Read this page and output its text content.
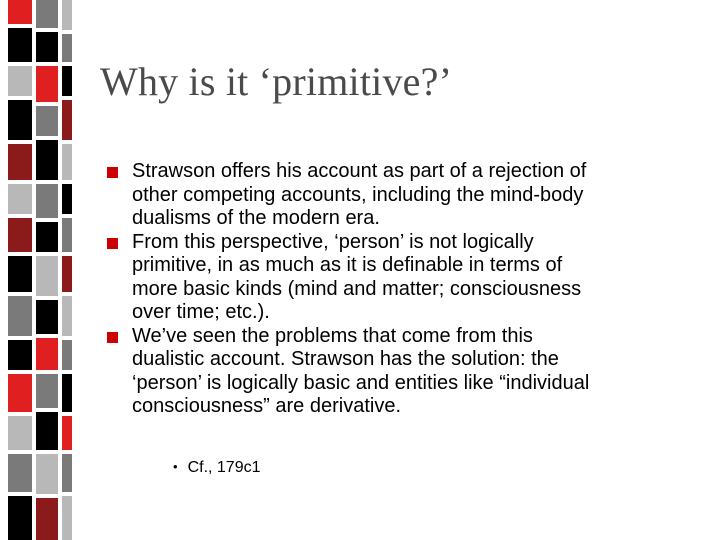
Why is it ‘primitive?’
Strawson offers his account as part of a rejection of
other competing accounts, including the mind-body
dualisms of the modern era.
From this perspective, ‘person’ is not logically
primitive, in as much as it is definable in terms of
more basic kinds (mind and matter; consciousness
over time; etc.).
We’ve seen the problems that come from this
dualistic account. Strawson has the solution: the
‘person’ is logically basic and entities like “individual
consciousness” are derivative.
• Cf., 179c1
